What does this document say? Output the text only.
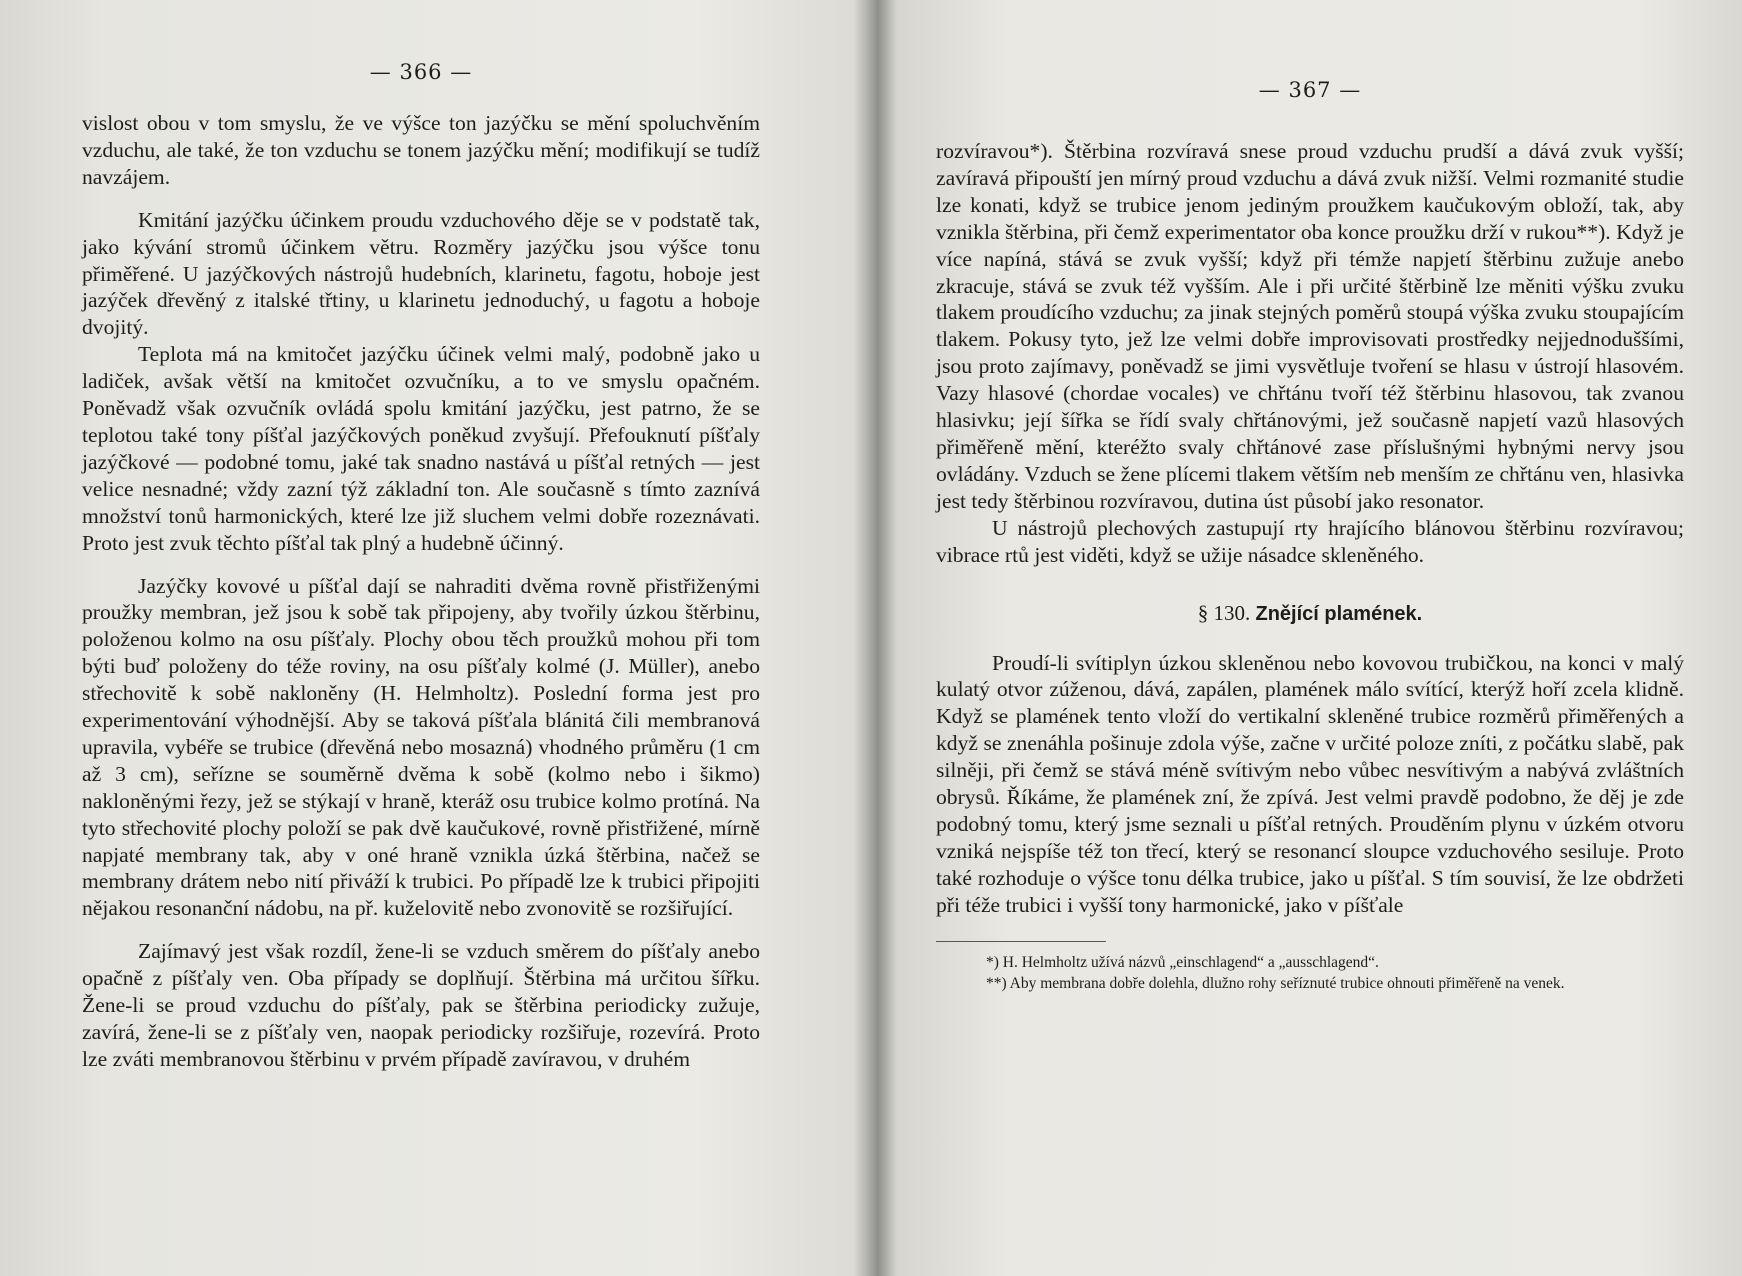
— 366 —

vislost obou v tom smyslu, že ve výšce ton jazýčku se mění spoluchvěním vzduchu, ale také, že ton vzduchu se tonem jazýčku mění; modifikují se tudíž navzájem.

Kmitání jazýčku účinkem proudu vzduchového děje se v podstatě tak, jako kývání stromů účinkem větru. Rozměry jazýčku jsou výšce tonu přiměřené. U jazýčkových nástrojů hudebních, klarinetu, fagotu, hoboje jest jazýček dřevěný z italské třtiny, u klarinetu jednoduchý, u fagotu a hoboje dvojitý.

Teplota má na kmitočet jazýčku účinek velmi malý, podobně jako u ladiček, avšak větší na kmitočet ozvučníku, a to ve smyslu opačném. Poněvadž však ozvučník ovládá spolu kmitání jazýčku, jest patrno, že se teplotou také tony píšťal jazýčkových poněkud zvyšují. Přefouknutí píšťaly jazýčkové — podobné tomu, jaké tak snadno nastává u píšťal retných — jest velice nesnadné; vždy zazní týž základní ton. Ale současně s tímto zaznívá množství tonů harmonických, které lze již sluchem velmi dobře rozeznávati. Proto jest zvuk těchto píšťal tak plný a hudebně účinný.

Jazýčky kovové u píšťal dají se nahraditi dvěma rovně přistřiženými proužky membran, jež jsou k sobě tak připojeny, aby tvořily úzkou štěrbinu, položenou kolmo na osu píšťaly. Plochy obou těch proužků mohou při tom býti buď položeny do téže roviny, na osu píšťaly kolmé (J. Müller), anebo střechovitě k sobě nakloněny (H. Helmholtz). Poslední forma jest pro experimentování výhodnější. Aby se taková píšťala blánitá čili membranová upravila, vybéře se trubice (dřevěná nebo mosazná) vhodného průměru (1 cm až 3 cm), seřízne se souměrně dvěma k sobě (kolmo nebo i šikmo) nakloněnými řezy, jež se stýkají v hraně, kteráž osu trubice kolmo protíná. Na tyto střechovité plochy položí se pak dvě kaučukové, rovně přistřižené, mírně napjaté membrany tak, aby v oné hraně vznikla úzká štěrbina, načež se membrany drátem nebo nití přiváží k trubici. Po případě lze k trubici připojiti nějakou resonanční nádobu, na př. kuželovitě nebo zvonovitě se rozšiřující.

Zajímavý jest však rozdíl, žene-li se vzduch směrem do píšťaly anebo opačně z píšťaly ven. Oba případy se doplňují. Štěrbina má určitou šířku. Žene-li se proud vzduchu do píšťaly, pak se štěrbina periodicky zužuje, zavírá, žene-li se z píšťaly ven, naopak periodicky rozšiřuje, rozevírá. Proto lze zváti membranovou štěrbinu v prvém případě zavíravou, v druhém

— 367 —

rozvíravou*). Štěrbina rozvíravá snese proud vzduchu prudší a dává zvuk vyšší; zavíravá připouští jen mírný proud vzduchu a dává zvuk nižší. Velmi rozmanité studie lze konati, když se trubice jenom jediným proužkem kaučukovým obloží, tak, aby vznikla štěrbina, při čemž experimentator oba konce proužku drží v rukou**). Když je více napíná, stává se zvuk vyšší; když při témže napjetí štěrbinu zužuje anebo zkracuje, stává se zvuk též vyšším. Ale i při určité štěrbině lze měniti výšku zvuku tlakem proudícího vzduchu; za jinak stejných poměrů stoupá výška zvuku stoupajícím tlakem. Pokusy tyto, jež lze velmi dobře improvisovati prostředky nejjednoduššími, jsou proto zajímavy, poněvadž se jimi vysvětluje tvoření se hlasu v ústrojí hlasovém. Vazy hlasové (chordae vocales) ve chřtánu tvoří též štěrbinu hlasovou, tak zvanou hlasivku; její šířka se řídí svaly chřtánovými, jež současně napjetí vazů hlasových přiměřeně mění, kteréžto svaly chřtánové zase příslušnými hybnými nervy jsou ovládány. Vzduch se žene plícemi tlakem větším neb menším ze chřtánu ven, hlasivka jest tedy štěrbinou rozvíravou, dutina úst působí jako resonator.

U nástrojů plechových zastupují rty hrajícího blánovou štěrbinu rozvíravou; vibrace rtů jest viděti, když se užije násadce skleněného.

§ 130. Znějící plamének.

Proudí-li svítiplyn úzkou skleněnou nebo kovovou trubičkou, na konci v malý kulatý otvor zúženou, dává, zapálen, plamének málo svítící, kterýž hoří zcela klidně. Když se plamének tento vloží do vertikalní skleněné trubice rozměrů přiměřených a když se znenáhla pošinuje zdola výše, začne v určité poloze zníti, z počátku slabě, pak silněji, při čemž se stává méně svítivým nebo vůbec nesvítivým a nabývá zvláštních obrysů. Říkáme, že plamének zní, že zpívá. Jest velmi pravdě podobno, že děj je zde podobný tomu, který jsme seznali u píšťal retných. Prouděním plynu v úzkém otvoru vzniká nejspíše též ton třecí, který se resonancí sloupce vzduchového sesiluje. Proto také rozhoduje o výšce tonu délka trubice, jako u píšťal. S tím souvisí, že lze obdržeti při téže trubici i vyšší tony harmonické, jako v píšťale

*) H. Helmholtz užívá názvů „einschlagend“ a „ausschlagend“.

**) Aby membrana dobře dolehla, dlužno rohy seříznuté trubice ohnouti přiměřeně na venek.
